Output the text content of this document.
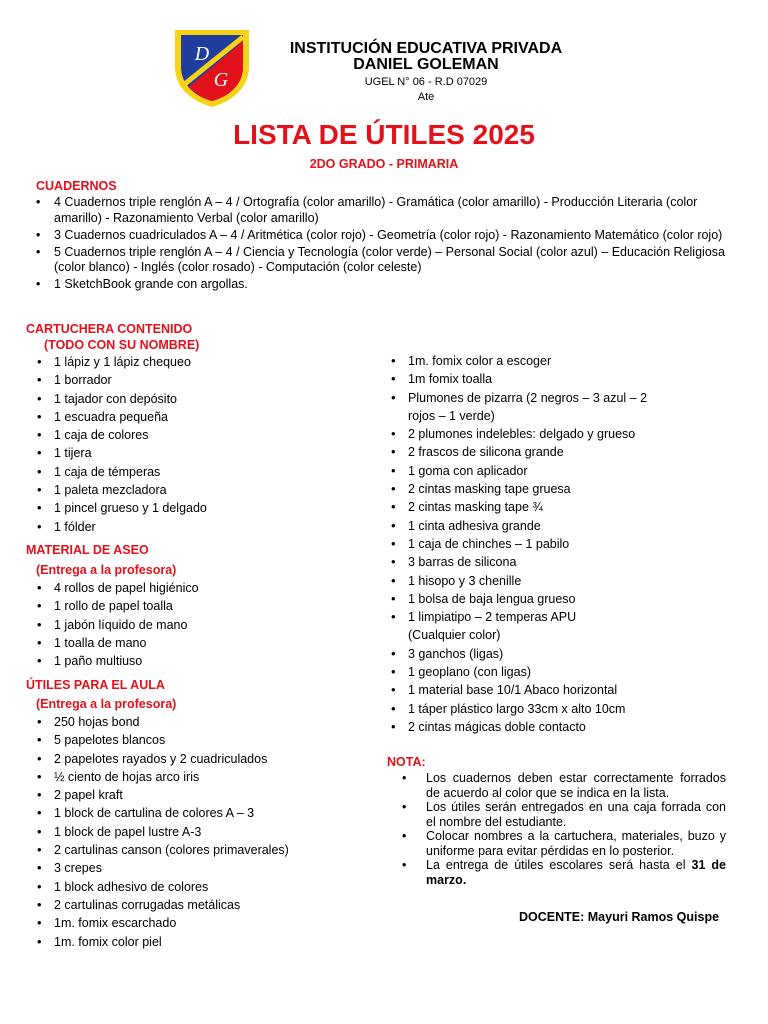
D
G
INSTITUCIÓN EDUCATIVA PRIVADA
DANIEL GOLEMAN
UGEL N° 06 - R.D 07029
Ate
LISTA DE ÚTILES 2025
2DO GRADO - PRIMARIA
CUADERNOS
• 4 Cuadernos triple renglón A – 4 / Ortografía (color amarillo) - Gramática (color amarillo) - Producción Literaria (color amarillo) - Razonamiento Verbal (color amarillo)
• 3 Cuadernos cuadriculados A – 4 / Aritmética (color rojo) - Geometría (color rojo) - Razonamiento Matemático (color rojo)
• 5 Cuadernos triple renglón A – 4 / Ciencia y Tecnología (color verde) – Personal Social (color azul) – Educación Religiosa (color blanco) - Inglés (color rosado) - Computación (color celeste)
• 1 SketchBook grande con argollas.
CARTUCHERA CONTENIDO
(TODO CON SU NOMBRE)
• 1 lápiz y 1 lápiz chequeo
• 1 borrador
• 1 tajador con depósito
• 1 escuadra pequeña
• 1 caja de colores
• 1 tijera
• 1 caja de témperas
• 1 paleta mezcladora
• 1 pincel grueso y 1 delgado
• 1 fólder
MATERIAL DE ASEO
(Entrega a la profesora)
• 4 rollos de papel higiénico
• 1 rollo de papel toalla
• 1 jabón líquido de mano
• 1 toalla de mano
• 1 paño multiuso
ÚTILES PARA EL AULA
(Entrega a la profesora)
• 250 hojas bond
• 5 papelotes blancos
• 2 papelotes rayados y 2 cuadriculados
• ½ ciento de hojas arco iris
• 2 papel kraft
• 1 block de cartulina de colores A – 3
• 1 block de papel lustre A-3
• 2 cartulinas canson (colores primaverales)
• 3 crepes
• 1 block adhesivo de colores
• 2 cartulinas corrugadas metálicas
• 1m. fomix escarchado
• 1m. fomix color piel
• 1m. fomix color a escoger
• 1m fomix toalla
• Plumones de pizarra (2 negros – 3 azul – 2
rojos – 1 verde)
• 2 plumones indelebles: delgado y grueso
• 2 frascos de silicona grande
• 1 goma con aplicador
• 2 cintas masking tape gruesa
• 2 cintas masking tape ¾
• 1 cinta adhesiva grande
• 1 caja de chinches – 1 pabilo
• 3 barras de silicona
• 1 hisopo y 3 chenille
• 1 bolsa de baja lengua grueso
• 1 limpiatipo – 2 temperas APU
(Cualquier color)
• 3 ganchos (ligas)
• 1 geoplano (con ligas)
• 1 material base 10/1 Abaco horizontal
• 1 táper plástico largo 33cm x alto 10cm
• 2 cintas mágicas doble contacto
NOTA:
• Los cuadernos deben estar correctamente forrados de acuerdo al color que se indica en la lista.
• Los útiles serán entregados en una caja forrada con el nombre del estudiante.
• Colocar nombres a la cartuchera, materiales, buzo y uniforme para evitar pérdidas en lo posterior.
• La entrega de útiles escolares será hasta el 31 de marzo.
DOCENTE: Mayuri Ramos Quispe
